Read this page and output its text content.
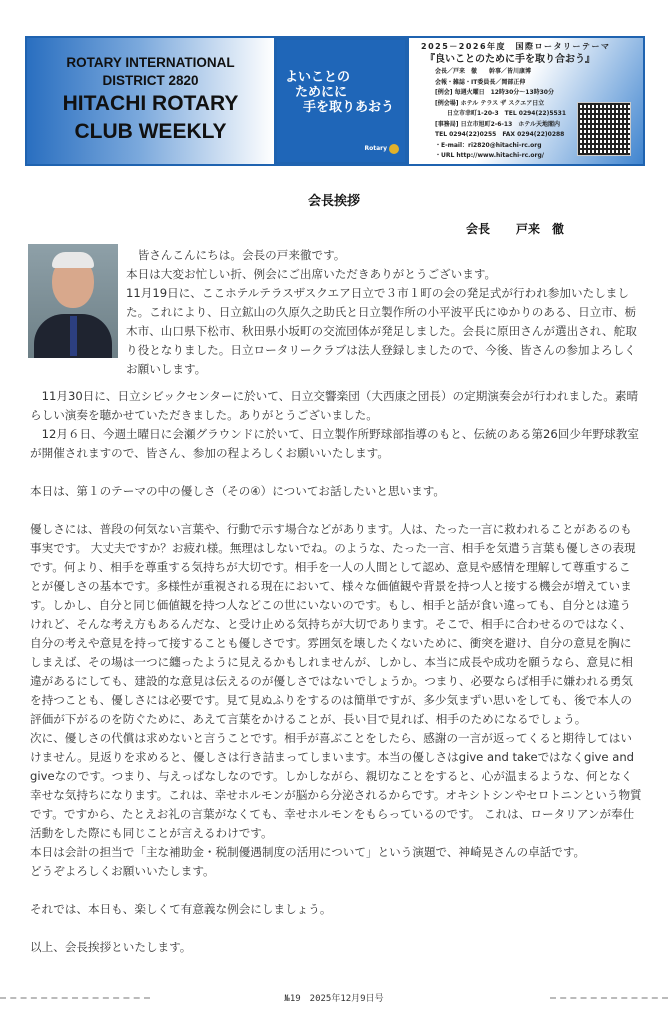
ROTARY INTERNATIONAL
DISTRICT 2820
HITACHI ROTARY
CLUB WEEKLY
よいことの
ためにに
手を取りあおう
Rotary
2025－2026年度　国際ロータリーテーマ
『良いことのために手を取り合おう』
会長／戸来　徹　　幹事／皆川康博
会報・雑誌・IT委員長／岡部正伸
[例会] 毎週火曜日　12時30分～13時30分
[例会場] ホテル テラス ザ スクエア日立
　　日立市幸町1-20-3　TEL 0294(22)5531
[事務局] 日立市旭町2-6-13　ホテル天地閣内
TEL 0294(22)0255　FAX 0294(22)0288
・E-mail：ri2820@hitachi-rc.org
・URL http://www.hitachi-rc.org/
会長挨拶
会長 戸来　徹

　皆さんこんにちは。会長の戸来徹です。

本日は大変お忙しい折、例会にご出席いただきありがとうございます。

11月19日に、ここホテルテラスザスクエア日立で３市１町の会の発足式が行われ参加いたしました。これにより、日立鉱山の久原久之助氏と日立製作所の小平波平氏にゆかりのある、日立市、栃木市、山口県下松市、秋田県小坂町の交流団体が発足しました。会長に原田さんが選出され、舵取り役となりました。日立ロータリークラブは法人登録しましたので、今後、皆さんの参加よろしくお願いします。

　11月30日に、日立シビックセンターに於いて、日立交響楽団（大西康之団長）の定期演奏会が行われました。素晴らしい演奏を聴かせていただきました。ありがとうございました。

　12月６日、今週土曜日に会瀬グラウンドに於いて、日立製作所野球部指導のもと、伝統のある第26回少年野球教室が開催されますので、皆さん、参加の程よろしくお願いいたします。

本日は、第１のテーマの中の優しさ（その④）についてお話したいと思います。

優しさには、普段の何気ない言葉や、行動で示す場合などがあります。人は、たった一言に救われることがあるのも事実です。 大丈夫ですか？お疲れ様。無理はしないでね。のような、たった一言、相手を気遣う言葉も優しさの表現です。何より、相手を尊重する気持ちが大切です。相手を一人の人間として認め、意見や感情を理解して尊重することが優しさの基本です。多様性が重視される現在において、様々な価値観や背景を持つ人と接する機会が増えています。しかし、自分と同じ価値観を持つ人などこの世にいないのです。もし、相手と話が食い違っても、自分とは違うけれど、そんな考え方もあるんだな、と受け止める気持ちが大切であります。そこで、相手に合わせるのではなく、自分の考えや意見を持って接することも優しさです。雰囲気を壊したくないために、衝突を避け、自分の意見を胸にしまえば、その場は一つに纏ったように見えるかもしれませんが、しかし、本当に成長や成功を願うなら、意見に相違があるにしても、建設的な意見は伝えるのが優しさではないでしょうか。つまり、必要ならば相手に嫌われる勇気を持つことも、優しさには必要です。見て見ぬふりをするのは簡単ですが、多少気まずい思いをしても、後で本人の評価が下がるのを防ぐために、あえて言葉をかけることが、長い目で見れば、相手のためになるでしょう。

次に、優しさの代償は求めないと言うことです。相手が喜ぶことをしたら、感謝の一言が返ってくると期待してはいけません。見返りを求めると、優しさは行き詰まってしまいます。本当の優しさはgive and takeではなくgive and giveなのです。つまり、与えっぱなしなのです。しかしながら、親切なことをすると、心が温まるような、何となく幸せな気持ちになります。これは、幸せホルモンが脳から分泌されるからです。オキシトシンやセロトニンという物質です。ですから、たとえお礼の言葉がなくても、幸せホルモンをもらっているのです。 これは、ロータリアンが奉仕活動をした際にも同じことが言えるわけです。

本日は会計の担当で「主な補助金・税制優遇制度の活用について」という演題で、神崎晃さんの卓話です。

どうぞよろしくお願いいたします。

それでは、本日も、楽しくて有意義な例会にしましょう。

以上、会長挨拶といたします。

№19　2025年12月9日号
